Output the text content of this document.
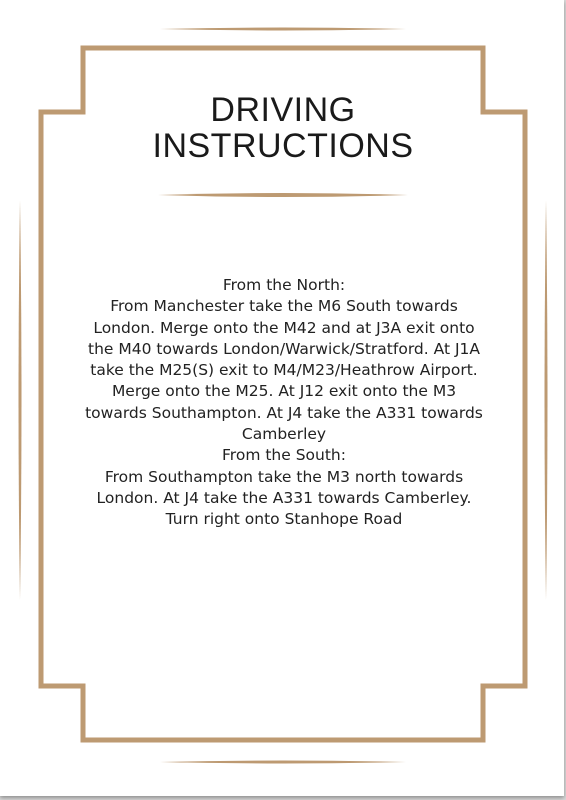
DRIVING
INSTRUCTIONS
From the North:
From Manchester take the M6 South towards London. Merge onto the M42 and at J3A exit onto the M40 towards London/Warwick/Stratford. At J1A take the M25(S) exit to M4/M23/Heathrow Airport. Merge onto the M25. At J12 exit onto the M3 towards Southampton. At J4 take the A331 towards Camberley
From the South:
From Southampton take the M3 north towards London. At J4 take the A331 towards Camberley. Turn right onto Stanhope Road
